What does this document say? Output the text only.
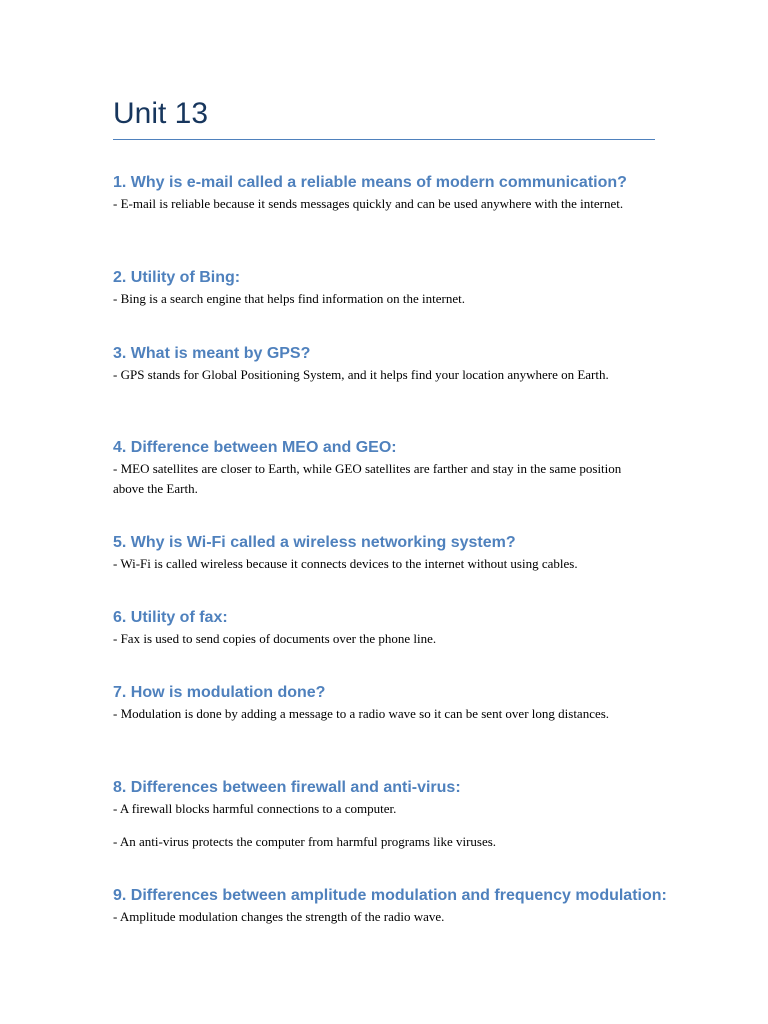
Unit 13
1. Why is e-mail called a reliable means of modern communication?

- E-mail is reliable because it sends messages quickly and can be used anywhere with the internet.

2. Utility of Bing:

- Bing is a search engine that helps find information on the internet.

3. What is meant by GPS?

- GPS stands for Global Positioning System, and it helps find your location anywhere on Earth.

4. Difference between MEO and GEO:

- MEO satellites are closer to Earth, while GEO satellites are farther and stay in the same position above the Earth.

5. Why is Wi-Fi called a wireless networking system?

- Wi-Fi is called wireless because it connects devices to the internet without using cables.

6. Utility of fax:

- Fax is used to send copies of documents over the phone line.

7. How is modulation done?

- Modulation is done by adding a message to a radio wave so it can be sent over long distances.

8. Differences between firewall and anti-virus:

- A firewall blocks harmful connections to a computer.

- An anti-virus protects the computer from harmful programs like viruses.

9. Differences between amplitude modulation and frequency modulation:

- Amplitude modulation changes the strength of the radio wave.
